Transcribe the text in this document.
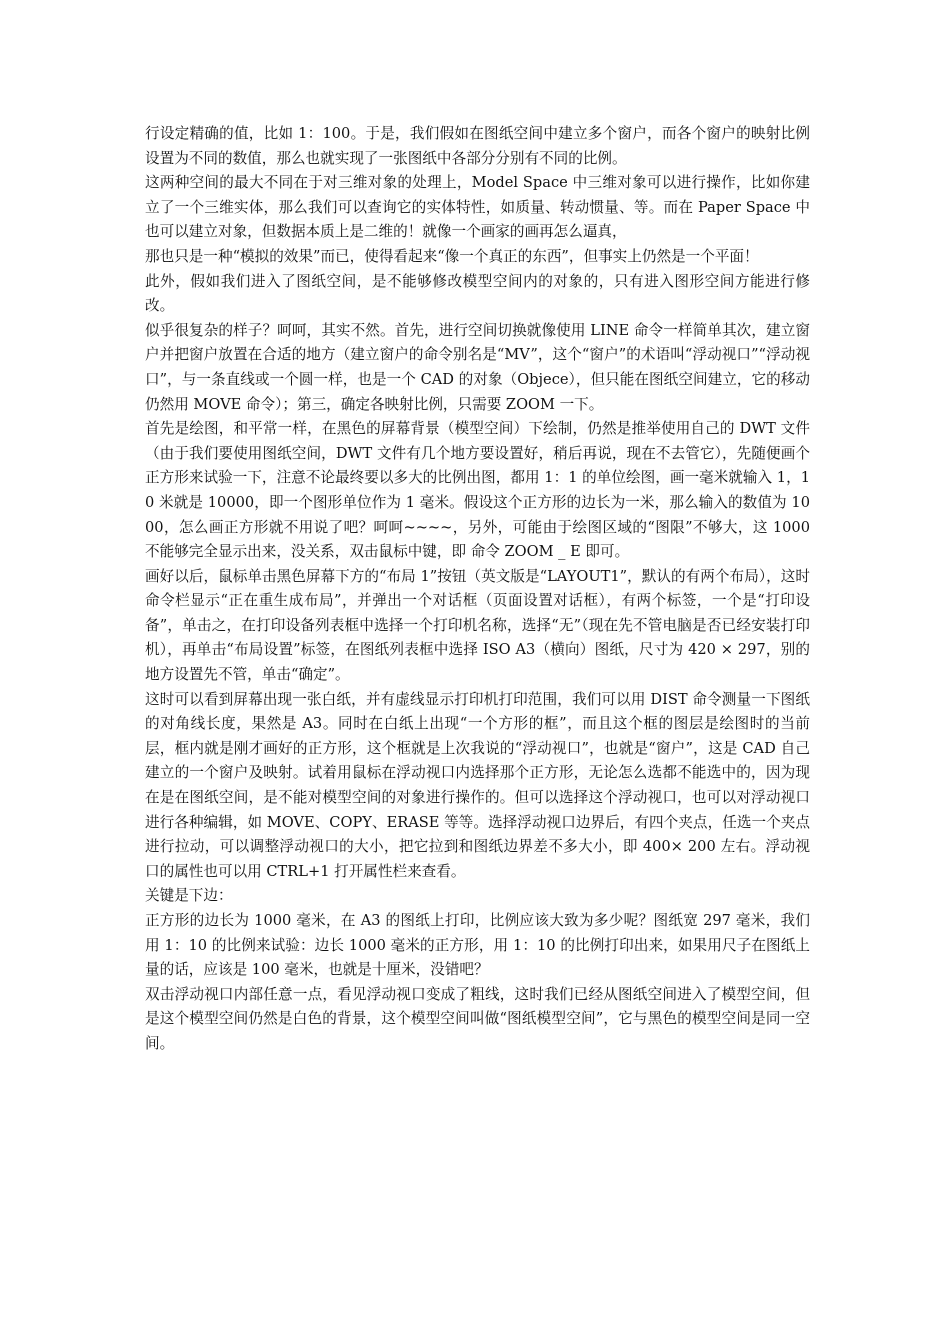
行设定精确的值，比如 1：100。于是，我们假如在图纸空间中建立多个窗户，而各个窗户的映射比例设置为不同的数值，那么也就实现了一张图纸中各部分分别有不同的比例。

这两种空间的最大不同在于对三维对象的处理上，Model Space 中三维对象可以进行操作，比如你建立了一个三维实体，那么我们可以查询它的实体特性，如质量、转动惯量、等。而在 Paper Space 中也可以建立对象，但数据本质上是二维的！就像一个画家的画再怎么逼真，

那也只是一种“模拟的效果”而已，使得看起来“像一个真正的东西”，但事实上仍然是一个平面！

此外，假如我们进入了图纸空间，是不能够修改模型空间内的对象的，只有进入图形空间方能进行修改。

似乎很复杂的样子？呵呵，其实不然。首先，进行空间切换就像使用 LINE 命令一样简单其次，建立窗户并把窗户放置在合适的地方（建立窗户的命令别名是“MV”，这个“窗户”的术语叫“浮动视口”“浮动视口”，与一条直线或一个圆一样，也是一个 CAD 的对象（Objece），但只能在图纸空间建立，它的移动仍然用 MOVE 命令）；第三，确定各映射比例，只需要 ZOOM 一下。

首先是绘图，和平常一样，在黑色的屏幕背景（模型空间）下绘制，仍然是推举使用自己的 DWT 文件（由于我们要使用图纸空间，DWT 文件有几个地方要设置好，稍后再说，现在不去管它），先随便画个正方形来试验一下，注意不论最终要以多大的比例出图，都用 1：1 的单位绘图，画一毫米就输入 1，10 米就是 10000，即一个图形单位作为 1 毫米。假设这个正方形的边长为一米，那么输入的数值为 1000，怎么画正方形就不用说了吧？呵呵~~~~，另外，可能由于绘图区域的“图限”不够大，这 1000 不能够完全显示出来，没关系，双击鼠标中键，即 命令 ZOOM _ E 即可。

画好以后，鼠标单击黑色屏幕下方的“布局 1”按钮（英文版是“LAYOUT1”，默认的有两个布局），这时命令栏显示“正在重生成布局”，并弹出一个对话框（页面设置对话框），有两个标签，一个是“打印设备”，单击之，在打印设备列表框中选择一个打印机名称，选择“无”（现在先不管电脑是否已经安装打印机），再单击“布局设置”标签，在图纸列表框中选择 ISO A3（横向）图纸，尺寸为 420 × 297，别的地方设置先不管，单击“确定”。

这时可以看到屏幕出现一张白纸，并有虚线显示打印机打印范围，我们可以用 DIST 命令测量一下图纸的对角线长度，果然是 A3。同时在白纸上出现“一个方形的框”，而且这个框的图层是绘图时的当前层，框内就是刚才画好的正方形，这个框就是上次我说的“浮动视口”，也就是“窗户”，这是 CAD 自己建立的一个窗户及映射。试着用鼠标在浮动视口内选择那个正方形，无论怎么选都不能选中的，因为现在是在图纸空间，是不能对模型空间的对象进行操作的。但可以选择这个浮动视口，也可以对浮动视口进行各种编辑，如 MOVE、COPY、ERASE 等等。选择浮动视口边界后，有四个夹点，任选一个夹点进行拉动，可以调整浮动视口的大小，把它拉到和图纸边界差不多大小，即 400× 200 左右。浮动视口的属性也可以用 CTRL+1 打开属性栏来查看。

关键是下边：

正方形的边长为 1000 毫米，在 A3 的图纸上打印，比例应该大致为多少呢？图纸宽 297 毫米，我们用 1：10 的比例来试验：边长 1000 毫米的正方形，用 1：10 的比例打印出来，如果用尺子在图纸上量的话，应该是 100 毫米，也就是十厘米，没错吧？

双击浮动视口内部任意一点，看见浮动视口变成了粗线，这时我们已经从图纸空间进入了模型空间，但是这个模型空间仍然是白色的背景，这个模型空间叫做“图纸模型空间”，它与黑色的模型空间是同一空间。
